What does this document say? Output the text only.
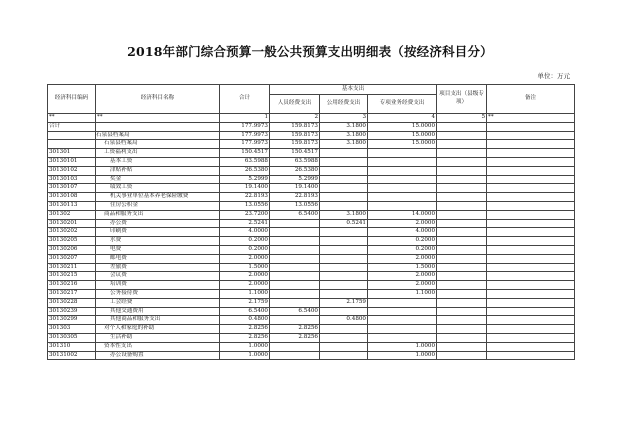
2018年部门综合预算一般公共预算支出明细表（按经济科目分）
单位：万元
经济科目编码	经济科目名称	合计	基本支出			项目支出（县级专项）	备注
			人员经费支出	公用经费支出	专项业务经费支出		
**	**	1	2	3	4	5	**
合计		177.9973	159.8173	3.1800	15.0000		
	石泉县档案局	177.9973	159.8173	3.1800	15.0000		
	石泉县档案局	177.9973	159.8173	3.1800	15.0000		
301301	工资福利支出	150.4517	150.4517				
30130101	基本工资	63.5988	63.5988				
30130102	津贴补贴	26.5380	26.5380				
30130103	奖金	5.2999	5.2999				
30130107	绩效工资	19.1400	19.1400				
30130108	机关事业单位基本养老保险缴费	22.8193	22.8193				
30130113	住房公积金	13.0556	13.0556				
301302	商品和服务支出	23.7200	6.5400	3.1800	14.0000		
30130201	办公费	2.5241		0.5241	2.0000		
30130202	印刷费	4.0000			4.0000		
30130205	水费	0.2000			0.2000		
30130206	电费	0.2000			0.2000		
30130207	邮电费	2.0000			2.0000		
30130211	差旅费	1.5000			1.5000		
30130215	会议费	2.0000			2.0000		
30130216	培训费	2.0000			2.0000		
30130217	公务接待费	1.1000			1.1000		
30130228	工会经费	2.1759		2.1759			
30130239	其他交通费用	6.5400	6.5400				
30130299	其他商品和服务支出	0.4800		0.4800			
301303	对个人和家庭的补助	2.8256	2.8256				
30130305	生活补助	2.8256	2.8256				
301310	资本性支出	1.0000			1.0000		
30131002	办公设备购置	1.0000			1.0000		
